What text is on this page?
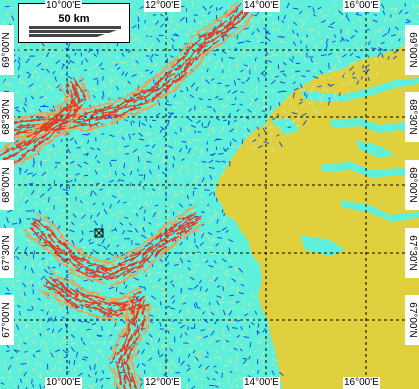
50 km
10°00'E	12°00'E	14°00'E	16°00'E
10°00'E	12°00'E	14°00'E	16°00'E
69°00'N
68°30'N
68°00'N
67°30'N
67°00'N
69°00'N
68°30'N
68°00'N
67°30'N
67°00'N
